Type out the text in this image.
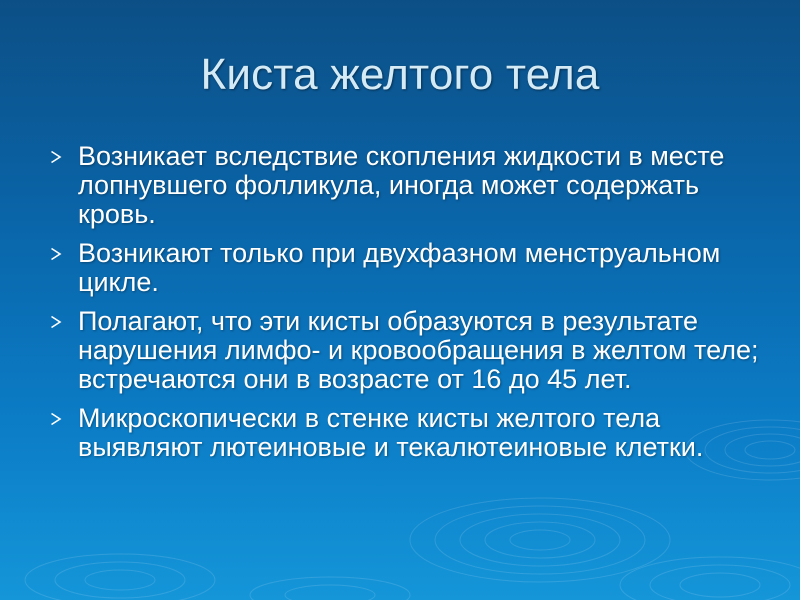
Киста желтого тела
Возникает вследствие скопления жидкости в месте лопнувшего фолликула, иногда может содержать кровь.
Возникают только при двухфазном менструальном цикле.
Полагают, что эти кисты образуются в результате нарушения лимфо- и кровообращения в желтом теле; встречаются они в возрасте от 16 до 45 лет.
Микроскопически в стенке кисты желтого тела выявляют лютеиновые и текалютеиновые клетки.
